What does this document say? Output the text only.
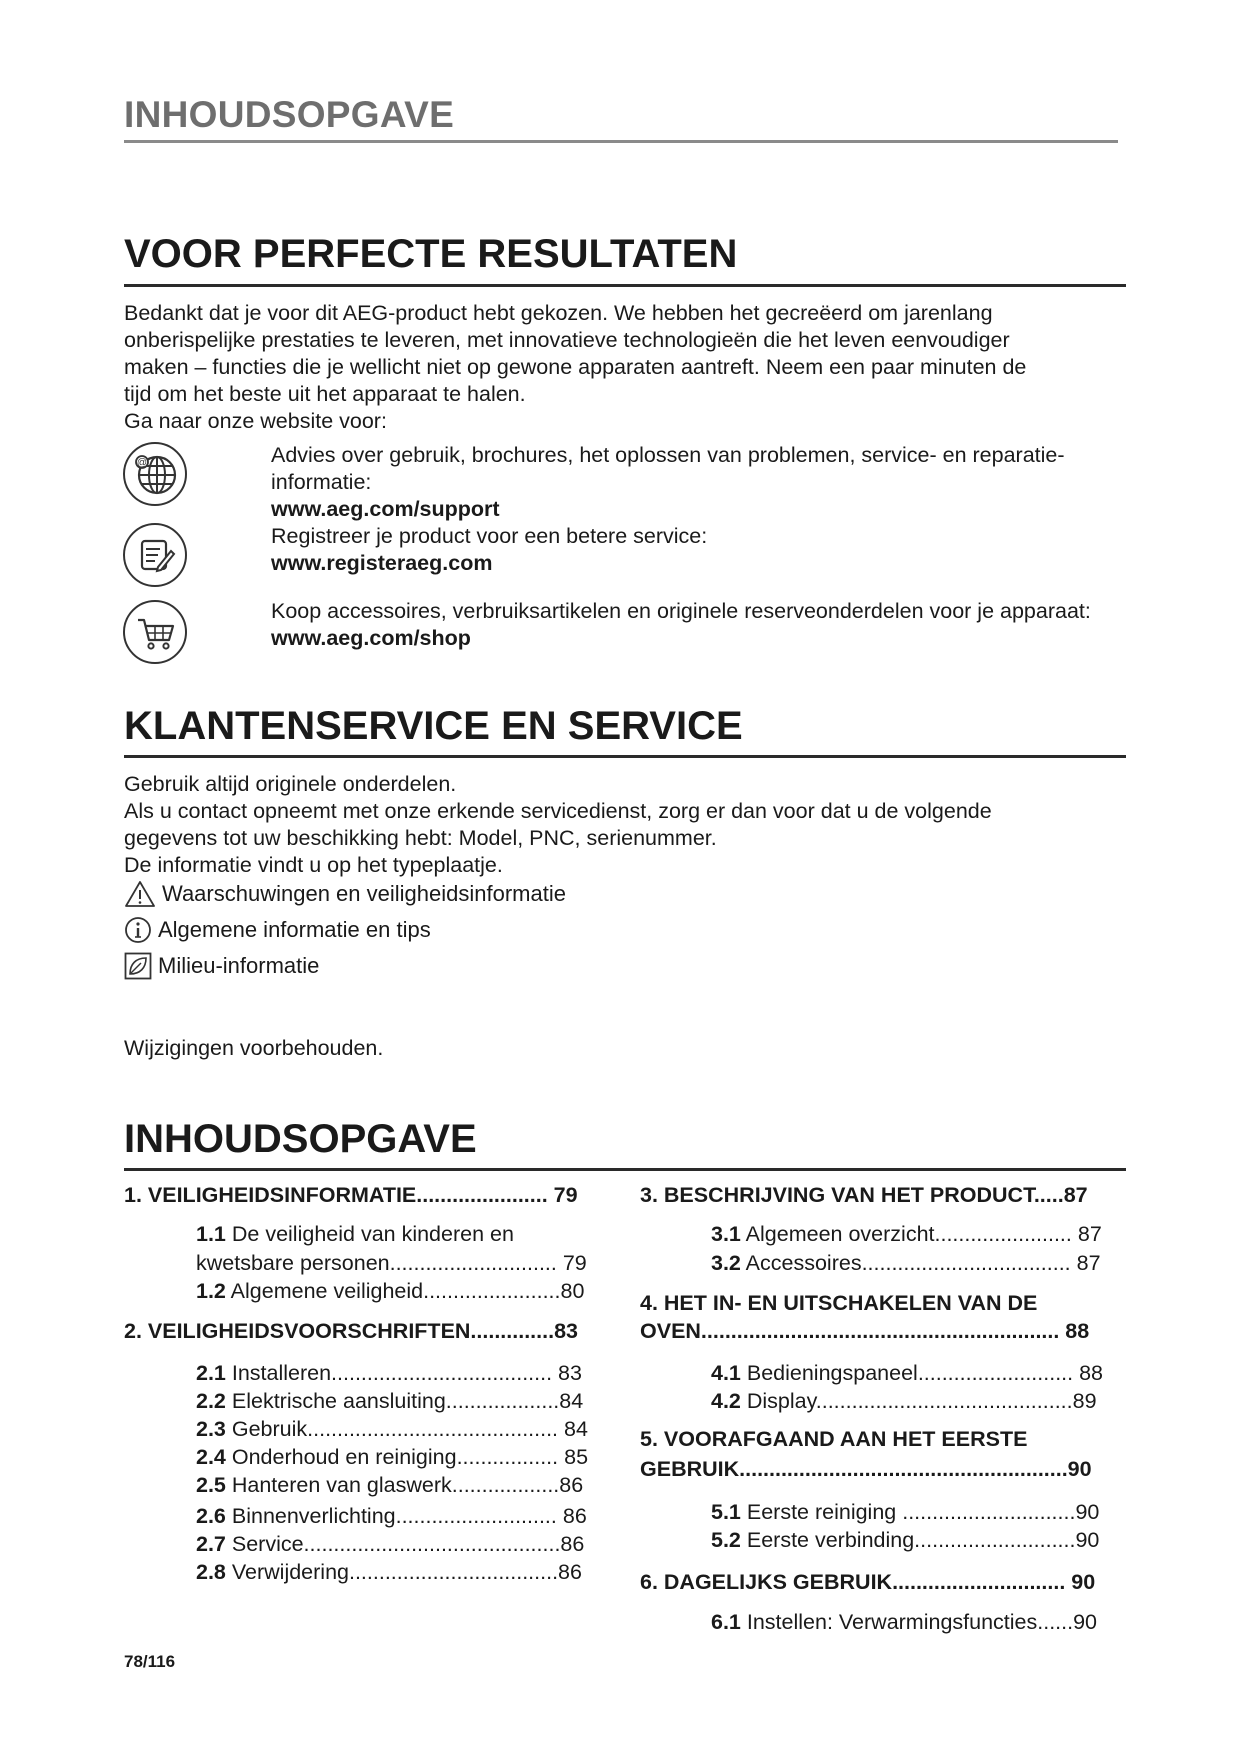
INHOUDSOPGAVE
VOOR PERFECTE RESULTATEN

Bedankt dat je voor dit AEG-product hebt gekozen. We hebben het gecreëerd om jarenlang

onberispelijke prestaties te leveren, met innovatieve technologieën die het leven eenvoudiger

maken – functies die je wellicht niet op gewone apparaten aantreft. Neem een paar minuten de

tijd om het beste uit het apparaat te halen.

Ga naar onze website voor:

@	Advies over gebruik, brochures, het oplossen van problemen, service- en reparatie-

informatie:

www.aeg.com/support

Registreer je product voor een betere service:

www.registeraeg.com

Koop accessoires, verbruiksartikelen en originele reserveonderdelen voor je apparaat:

www.aeg.com/shop

KLANTENSERVICE EN SERVICE

Gebruik altijd originele onderdelen.

Als u contact opneemt met onze erkende servicedienst, zorg er dan voor dat u de volgende

gegevens tot uw beschikking hebt: Model, PNC, serienummer.

De informatie vindt u op het typeplaatje.

Waarschuwingen en veiligheidsinformatie
Algemene informatie en tips
Milieu-informatie
Wijzigingen voorbehouden.
INHOUDSOPGAVE
1. VEILIGHEIDSINFORMATIE...................... 79
1.1 De veiligheid van kinderen en
kwetsbare personen............................ 79
1.2 Algemene veiligheid.......................80
2. VEILIGHEIDSVOORSCHRIFTEN..............83
2.1 Installeren..................................... 83
2.2 Elektrische aansluiting...................84
2.3 Gebruik.......................................... 84
2.4 Onderhoud en reiniging................. 85
2.5 Hanteren van glaswerk..................86
2.6 Binnenverlichting........................... 86
2.7 Service...........................................86
2.8 Verwijdering...................................86
3. BESCHRIJVING VAN HET PRODUCT.....87
3.1 Algemeen overzicht....................... 87
3.2 Accessoires................................... 87
4. HET IN- EN UITSCHAKELEN VAN DE
OVEN............................................................ 88
4.1 Bedieningspaneel.......................... 88
4.2 Display...........................................89
5. VOORAFGAAND AAN HET EERSTE
GEBRUIK.......................................................90
5.1 Eerste reiniging .............................90
5.2 Eerste verbinding...........................90
6. DAGELIJKS GEBRUIK............................. 90
6.1 Instellen: Verwarmingsfuncties......90
78/116
